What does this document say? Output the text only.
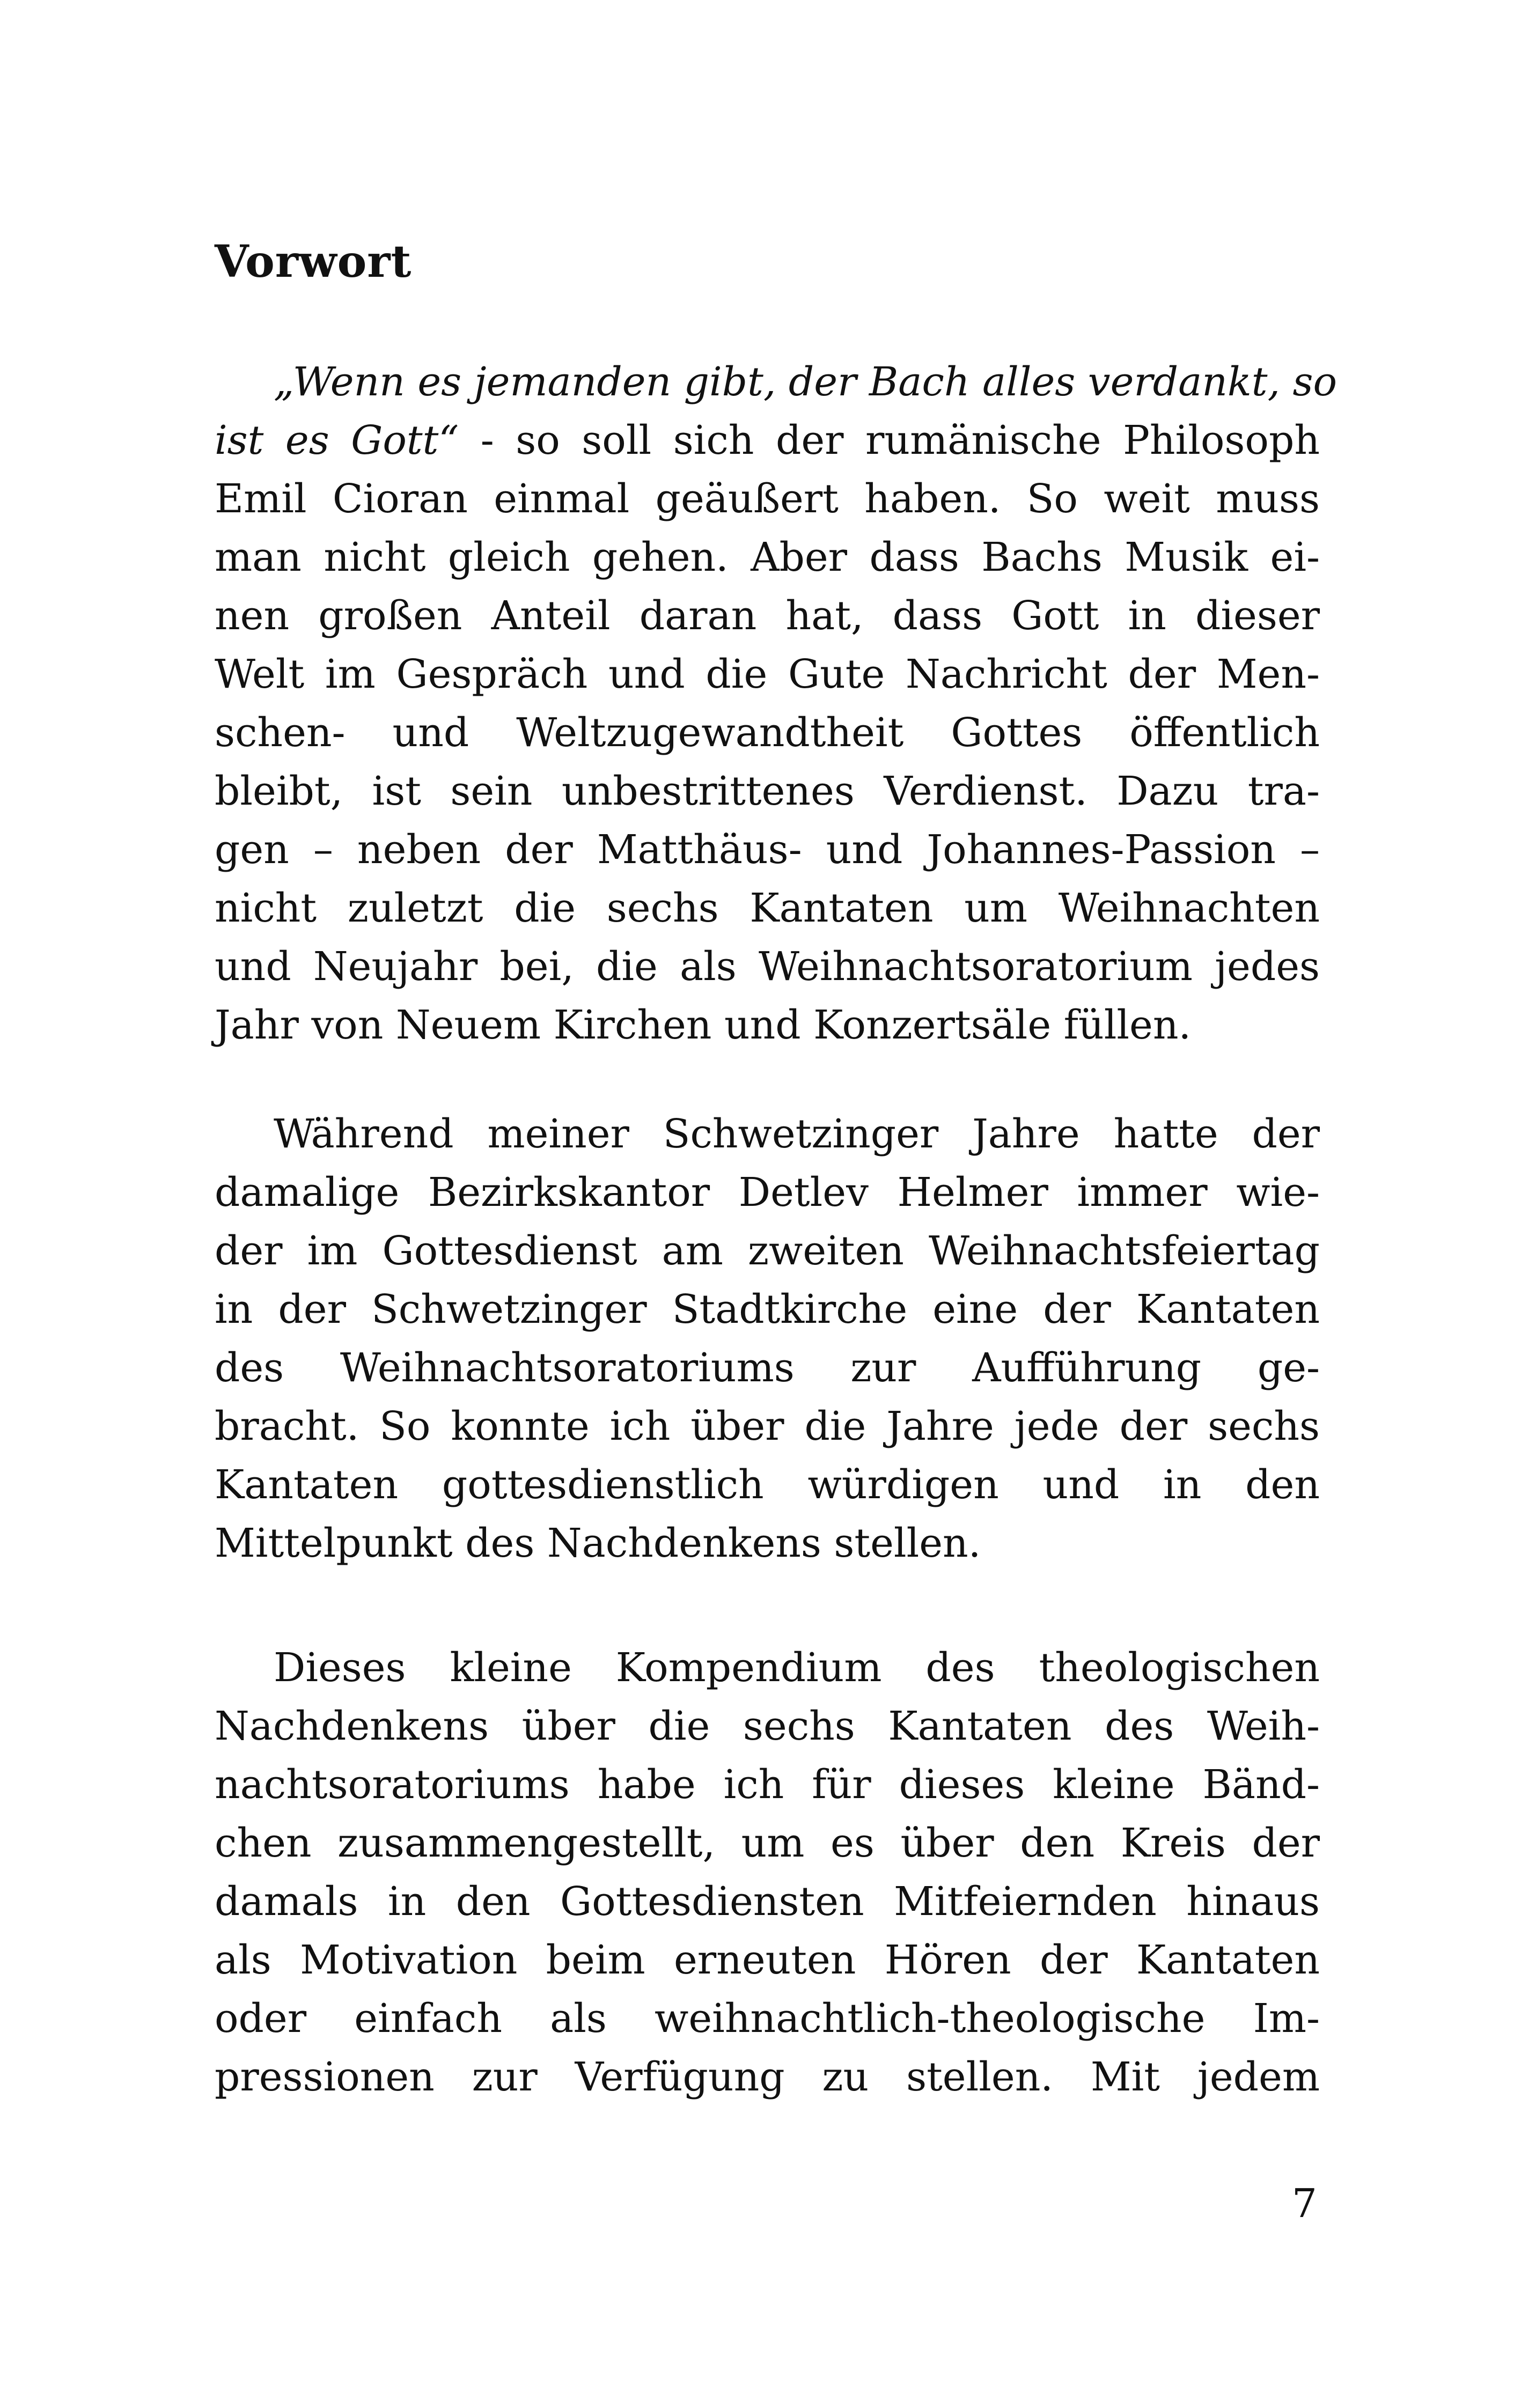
Vorwort
„Wenn es jemanden gibt, der Bach alles verdankt, so
ist es Gott“ - so soll sich der rumänische Philosoph
Emil Cioran einmal geäußert haben. So weit muss
man nicht gleich gehen. Aber dass Bachs Musik ei-
nen großen Anteil daran hat, dass Gott in dieser
Welt im Gespräch und die Gute Nachricht der Men-
schen- und Weltzugewandtheit Gottes öffentlich
bleibt, ist sein unbestrittenes Verdienst. Dazu tra-
gen – neben der Matthäus- und Johannes-Passion –
nicht zuletzt die sechs Kantaten um Weihnachten
und Neujahr bei, die als Weihnachtsoratorium jedes
Jahr von Neuem Kirchen und Konzertsäle füllen.
Während meiner Schwetzinger Jahre hatte der
damalige Bezirkskantor Detlev Helmer immer wie-
der im Gottesdienst am zweiten Weihnachtsfeiertag
in der Schwetzinger Stadtkirche eine der Kantaten
des Weihnachtsoratoriums zur Aufführung ge-
bracht. So konnte ich über die Jahre jede der sechs
Kantaten gottesdienstlich würdigen und in den
Mittelpunkt des Nachdenkens stellen.
Dieses kleine Kompendium des theologischen
Nachdenkens über die sechs Kantaten des Weih-
nachtsoratoriums habe ich für dieses kleine Bänd-
chen zusammengestellt, um es über den Kreis der
damals in den Gottesdiensten Mitfeiernden hinaus
als Motivation beim erneuten Hören der Kantaten
oder einfach als weihnachtlich-theologische Im-
pressionen zur Verfügung zu stellen. Mit jedem
7
